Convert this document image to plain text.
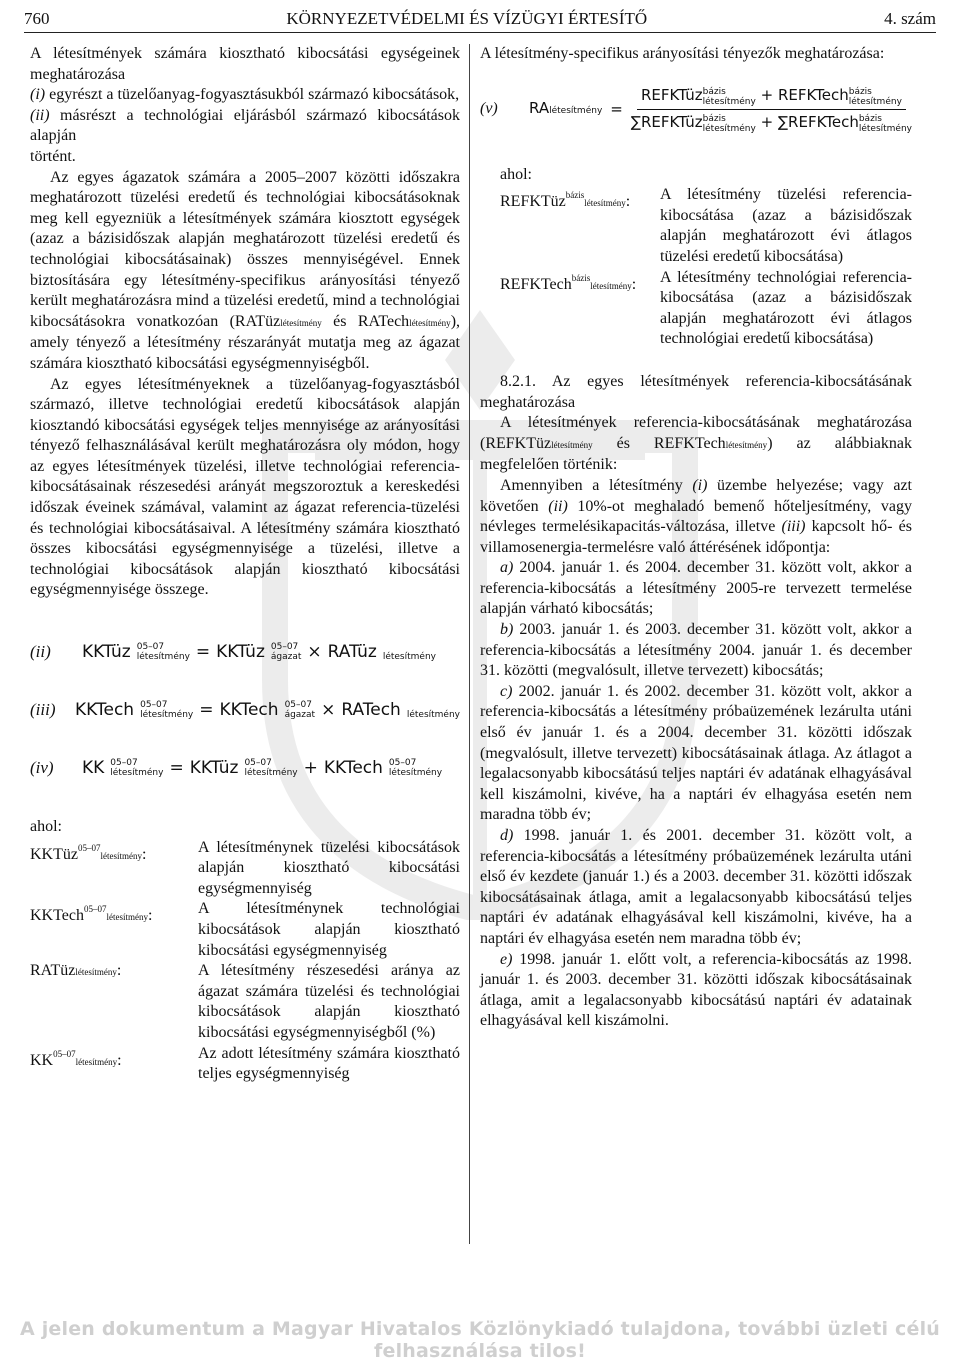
760	KÖRNYEZETVÉDELMI ÉS VÍZÜGYI ÉRTESÍTŐ	4. szám

A létesítmények számára kiosztható kibocsátási egységeinek meghatározása

(i) egyrészt a tüzelőanyag-fogyasztásukból származó kibocsátások,

(ii) másrészt a technológiai eljárásból származó kibocsátások alapján

történt.

Az egyes ágazatok számára a 2005–2007 közötti időszakra meghatározott tüzelési eredetű és technológiai kibocsátásoknak meg kell egyezniük a létesítmények számára kiosztott egységek (azaz a bázisidőszak alapján meghatározott tüzelési eredetű és technológiai kibocsátásainak) összes mennyiségével. Ennek biztosítására egy létesítmény-specifikus arányosítási tényező került meghatározásra mind a tüzelési eredetű, mind a technológiai kibocsátásokra vonatkozóan (RATüzlétesítmény és RATechlétesítmény), amely tényező a létesítmény részarányát mutatja meg az ágazat számára kiosztható kibocsátási egységmennyiségből.

Az egyes létesítményeknek a tüzelőanyag-fogyasztásból származó, illetve technológiai eredetű kibocsátások alapján kiosztandó kibocsátási egységek teljes mennyisége az arányosítási tényező felhasználásával került meghatározásra oly módon, hogy az egyes létesítmények tüzelési, illetve technológiai referencia-kibocsátásainak részesedési arányát megszoroztuk a kereskedési időszak éveinek számával, valamint az ágazat referencia-tüzelési és technológiai kibocsátásaival. A létesítmény számára kiosztható összes kibocsátási egységmennyisége a tüzelési, illetve a technológiai kibocsátások alapján kiosztható kibocsátási egységmennyisége összege.

(ii)	KKTüz 05–07
létesítmény = KKTüz 05–07
ágazat × RATüz létesítmény
(iii)	KKTech 05–07
létesítmény = KKTech 05–07
ágazat × RATech létesítmény
(iv)	KK 05–07
létesítmény = KKTüz 05–07
létesítmény + KKTech 05–07
létesítmény

ahol:

KKTüz$^{05-07}$létesítmény:	A létesítménynek tüzelési kibocsátások alapján kiosztható kibocsátási egységmennyiség
KKTech$^{05-07}$létesítmény:	A létesítménynek technológiai kibocsátások alapján kiosztható kibocsátási egységmennyiség
RATüzlétesítmény:	A létesítmény részesedési aránya az ágazat számára tüzelési és technológiai kibocsátások alapján kiosztható kibocsátási egységmennyiségből (%)
KK$^{05-07}$létesítmény:	Az adott létesítmény számára kiosztható teljes egységmennyiség

A létesítmény-specifikus arányosítási tényezők meghatározása:

(v)	RAlétesítmény =
REFKTüzbázis
létesítmény + REFKTechbázis
létesítmény
∑REFKTüzbázis
létesítmény + ∑REFKTechbázis
létesítmény

ahol:

REFKTüz$^{bázis}$létesítmény:	A létesítmény tüzelési referencia-kibocsátása (azaz a bázisidőszak alapján meghatározott évi átlagos tüzelési eredetű kibocsátása)
REFKTech$^{bázis}$létesítmény:	A létesítmény technológiai referencia-kibocsátása (azaz a bázisidőszak alapján meghatározott évi átlagos technológiai eredetű kibocsátása)

8.2.1. Az egyes létesítmények referencia-kibocsátásának meghatározása

A létesítmények referencia-kibocsátásának meghatározása (REFKTüzlétesítmény és REFKTechlétesítmény) az alábbiaknak megfelelően történik:

Amennyiben a létesítmény (i) üzembe helyezése; vagy azt követően (ii) 10%-ot meghaladó bemenő hőteljesítmény, vagy névleges termelésikapacitás-változása, illetve (iii) kapcsolt hő- és villamosenergia-termelésre való áttérésének időpontja:

a) 2004. január 1. és 2004. december 31. között volt, akkor a referencia-kibocsátás a létesítmény 2005-re tervezett termelése alapján várható kibocsátás;

b) 2003. január 1. és 2003. december 31. között volt, akkor a referencia-kibocsátás a létesítmény 2004. január 1. és december 31. közötti (megvalósult, illetve tervezett) kibocsátás;

c) 2002. január 1. és 2002. december 31. között volt, akkor a referencia-kibocsátás a létesítmény próbaüzemének lezárulta utáni első év január 1. és a 2004. december 31. közötti időszak (megvalósult, illetve tervezett) kibocsátásainak átlaga. Az átlagot a legalacsonyabb kibocsátású teljes naptári év adatának elhagyásával kell kiszámolni, kivéve, ha a naptári év elhagyása esetén nem maradna több év;

d) 1998. január 1. és 2001. december 31. között volt, a referencia-kibocsátás a létesítmény próbaüzemének lezárulta utáni első év kezdete (január 1.) és a 2003. december 31. közötti időszak kibocsátásainak átlaga, amit a legalacsonyabb kibocsátású teljes naptári év adatának elhagyásával kell kiszámolni, kivéve, ha a naptári év elhagyása esetén nem maradna több év;

e) 1998. január 1. előtt volt, a referencia-kibocsátás az 1998. január 1. és 2003. december 31. közötti időszak kibocsátásainak átlaga, amit a legalacsonyabb kibocsátású naptári év adatainak elhagyásával kell kiszámolni.

A jelen dokumentum a Magyar Hivatalos Közlönykiadó tulajdona, további üzleti célú felhasználása tilos!
